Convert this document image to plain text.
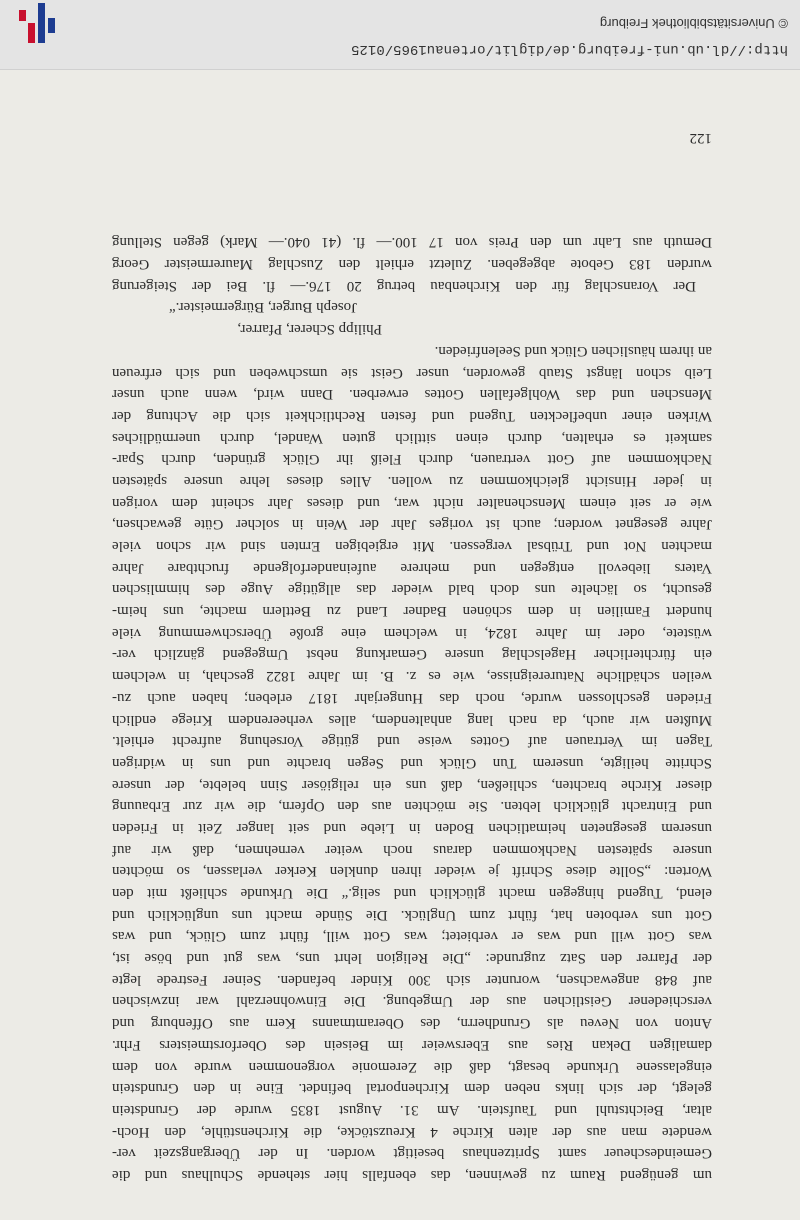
um genügend Raum zu gewinnen, das ebenfalls hier stehende Schulhaus und die
Gemeindescheuer samt Spritzenhaus beseitigt worden. In der Übergangszeit ver-
wendete man aus der alten Kirche 4 Kreuzstöcke, die Kirchenstühle, den Hoch-
altar, Beichtstuhl und Taufstein. Am 31. August 1835 wurde der Grundstein
gelegt, der sich links neben dem Kirchenportal befindet. Eine in den Grundstein
eingelassene Urkunde besagt, daß die Zeremonie vorgenommen wurde von dem
damaligen Dekan Ries aus Ebersweier im Beisein des Oberforstmeisters Frhr.
Anton von Neveu als Grundherrn, des Oberamtmanns Kern aus Offenburg und
verschiedener Geistlichen aus der Umgebung. Die Einwohnerzahl war inzwischen
auf 848 angewachsen, worunter sich 300 Kinder befanden. Seiner Festrede legte
der Pfarrer den Satz zugrunde: „Die Religion lehrt uns, was gut und böse ist,
was Gott will und was er verbietet; was Gott will, führt zum Glück, und was
Gott uns verboten hat, führt zum Unglück. Die Sünde macht uns unglücklich und
elend, Tugend hingegen macht glücklich und selig.“ Die Urkunde schließt mit den
Worten: „Sollte diese Schrift je wieder ihren dunklen Kerker verlassen, so möchten
unsere spätesten Nachkommen daraus noch weiter vernehmen, daß wir auf
unserem gesegneten heimatlichen Boden in Liebe und seit langer Zeit in Frieden
und Eintracht glücklich lebten. Sie möchten aus den Opfern, die wir zur Erbauung
dieser Kirche brachten, schließen, daß uns ein religiöser Sinn belebte, der unsere
Schritte heiligte, unserem Tun Glück und Segen brachte und uns in widrigen
Tagen im Vertrauen auf Gottes weise und gütige Vorsehung aufrecht erhielt.
Mußten wir auch, da nach lang anhaltendem, alles verheerendem Kriege endlich
Frieden geschlossen wurde, noch das Hungerjahr 1817 erleben; haben auch zu-
weilen schädliche Naturereignisse, wie es z. B. im Jahre 1822 geschah, in welchem
ein fürchterlicher Hagelschlag unsere Gemarkung nebst Umgegend gänzlich ver-
wüstete, oder im Jahre 1824, in welchem eine große Überschwemmung viele
hundert Familien in dem schönen Badner Land zu Bettlern machte, uns heim-
gesucht, so lächelte uns doch bald wieder das allgütige Auge des himmlischen
Vaters liebevoll entgegen und mehrere aufeinanderfolgende fruchtbare Jahre
machten Not und Trübsal vergessen. Mit ergiebigen Ernten sind wir schon viele
Jahre gesegnet worden; auch ist voriges Jahr der Wein in solcher Güte gewachsen,
wie er seit einem Menschenalter nicht war, und dieses Jahr scheint dem vorigen
in jeder Hinsicht gleichkommen zu wollen. Alles dieses lehre unsere spätesten
Nachkommen auf Gott vertrauen, durch Fleiß ihr Glück gründen, durch Spar-
samkeit es erhalten, durch einen sittlich guten Wandel, durch unermüdliches
Wirken einer unbefleckten Tugend und festen Rechtlichkeit sich die Achtung der
Menschen und das Wohlgefallen Gottes erwerben. Dann wird, wenn auch unser
Leib schon längst Staub geworden, unser Geist sie umschweben und sich erfreuen
an ihrem häuslichen Glück und Seelenfrieden.
Philipp Scherer, Pfarrer,
Joseph Burger, Bürgermeister.“
Der Voranschlag für den Kirchenbau betrug 20 176.— fl. Bei der Steigerung
wurden 183 Gebote abgegeben. Zuletzt erhielt den Zuschlag Maurermeister Georg
Demuth aus Lahr um den Preis von 17 100.— fl. (41 040.— Mark) gegen Stellung
122
http://dl.ub.uni-freiburg.de/diglit/ortenau1965/0125
© Universitätsbibliothek Freiburg
